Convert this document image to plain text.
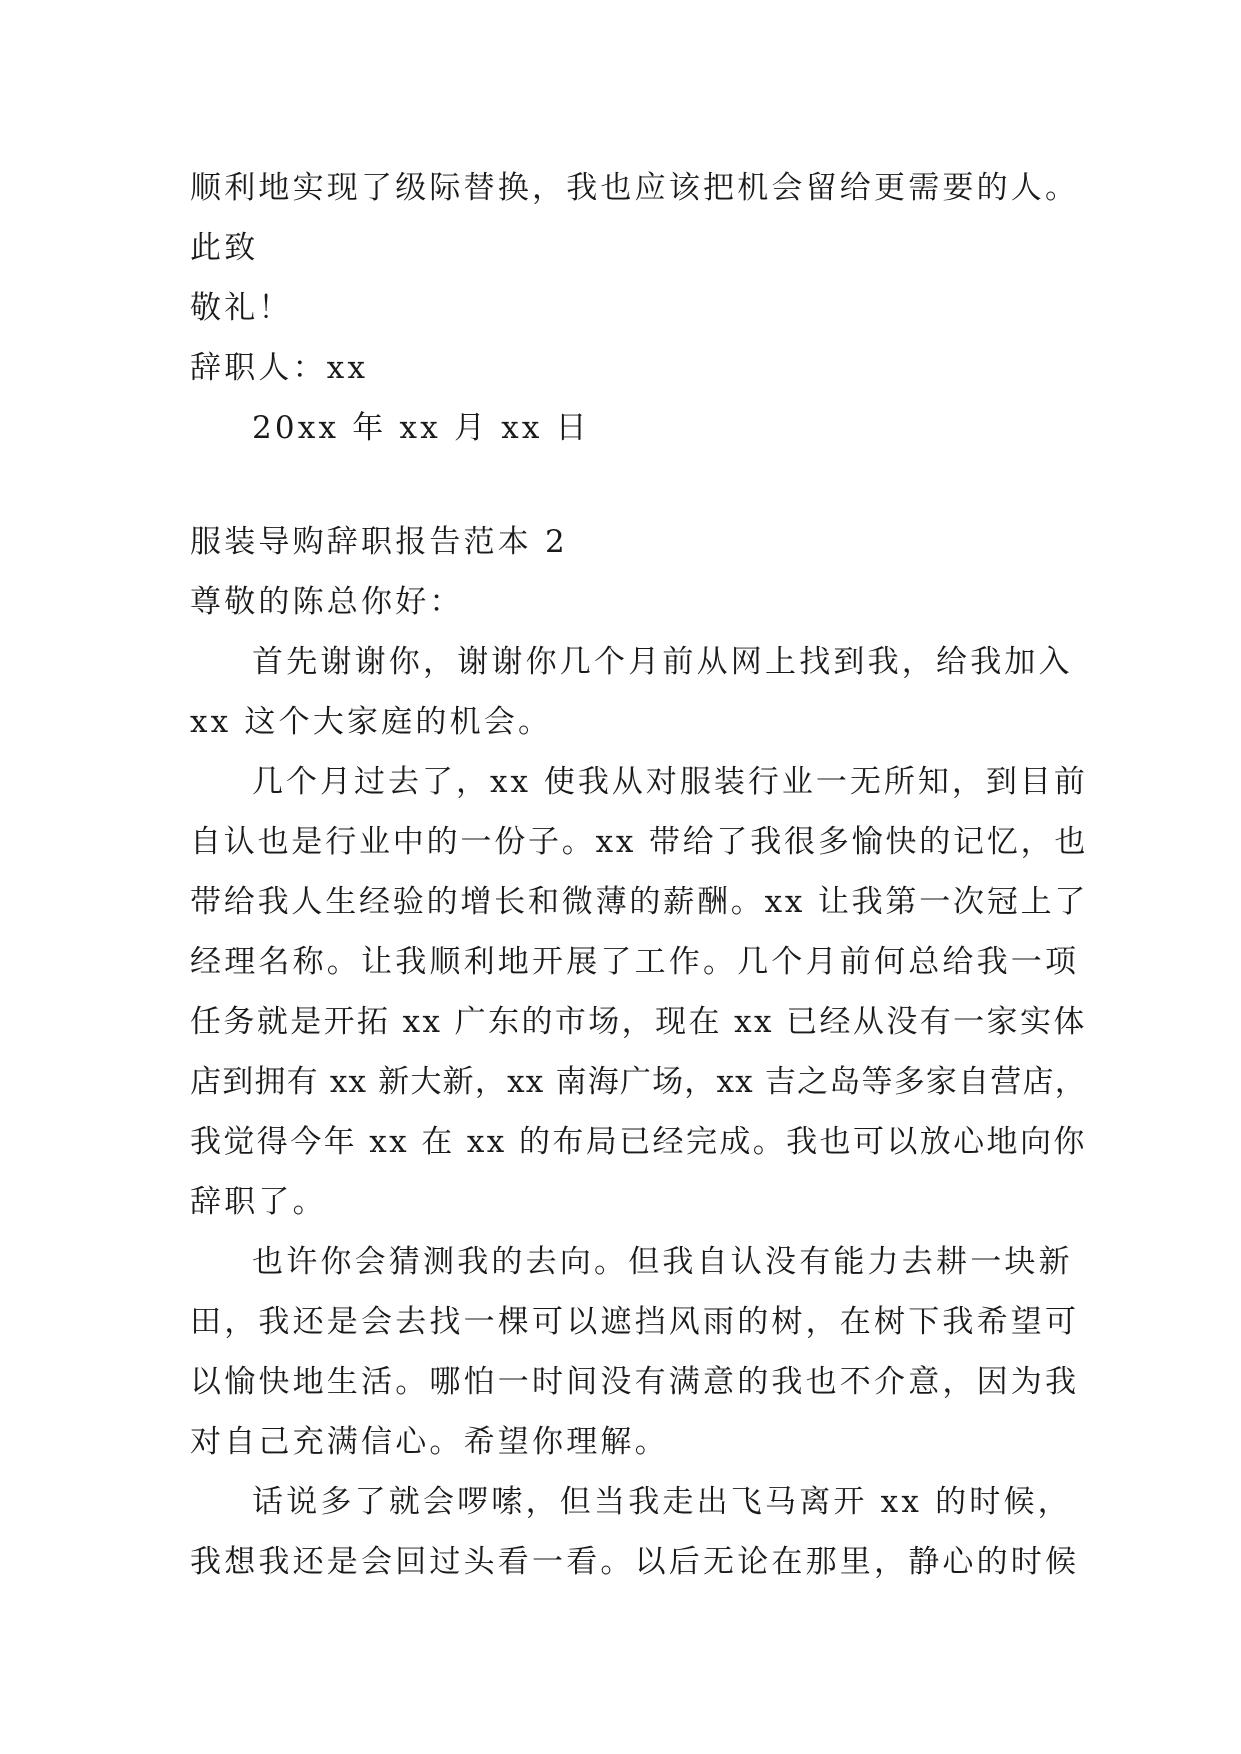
顺利地实现了级际替换，我也应该把机会留给更需要的人。
此致
敬礼！
辞职人：xx
20xx 年 xx 月 xx 日
服装导购辞职报告范本 2
尊敬的陈总你好：
首先谢谢你，谢谢你几个月前从网上找到我，给我加入
xx 这个大家庭的机会。
几个月过去了，xx 使我从对服装行业一无所知，到目前
自认也是行业中的一份子。xx 带给了我很多愉快的记忆，也
带给我人生经验的增长和微薄的薪酬。xx 让我第一次冠上了
经理名称。让我顺利地开展了工作。几个月前何总给我一项
任务就是开拓 xx 广东的市场，现在 xx 已经从没有一家实体
店到拥有 xx 新大新，xx 南海广场，xx 吉之岛等多家自营店，
我觉得今年 xx 在 xx 的布局已经完成。我也可以放心地向你
辞职了。
也许你会猜测我的去向。但我自认没有能力去耕一块新
田，我还是会去找一棵可以遮挡风雨的树，在树下我希望可
以愉快地生活。哪怕一时间没有满意的我也不介意，因为我
对自己充满信心。希望你理解。
话说多了就会啰嗦，但当我走出飞马离开 xx 的时候，
我想我还是会回过头看一看。以后无论在那里，静心的时候
